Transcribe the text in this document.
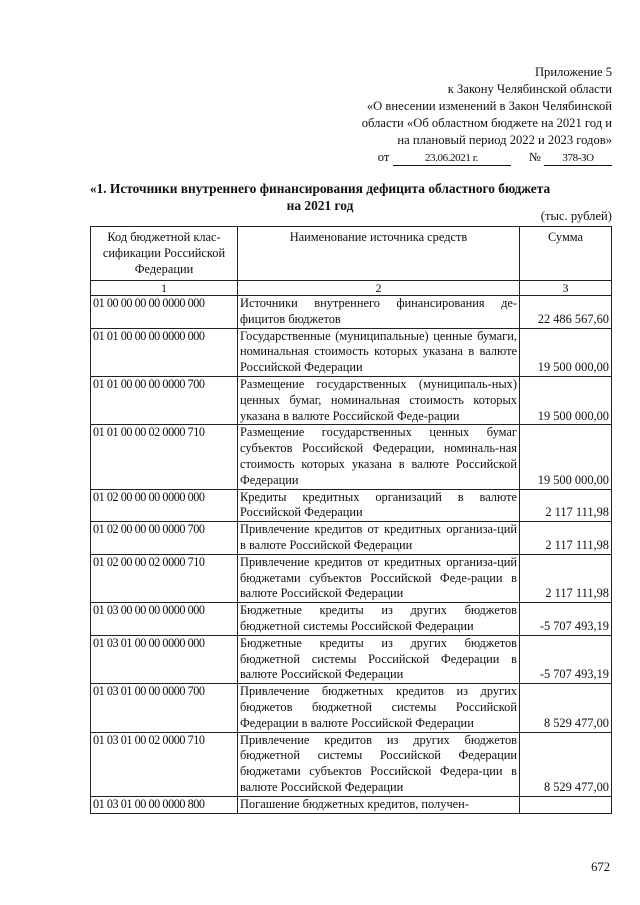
Приложение 5
к Закону Челябинской области
«О внесении изменений в Закон Челябинской
области «Об областном бюджете на 2021 год и
на плановый период 2022 и 2023 годов»
от	23.06.2021 г.	№ 378-ЗО
«1. Источники внутреннего финансирования дефицита областного бюджета
на 2021 год
(тыс. рублей)
Код бюджетной клас-сификации Российской Федерации	Наименование источника средств	Сумма
1	2	3
01 00 00 00 00 0000 000	Источники внутреннего финансирования де-фицитов бюджетов	22 486 567,60
01 01 00 00 00 0000 000	Государственные (муниципальные) ценные бумаги, номинальная стоимость которых указана в валюте Российской Федерации	19 500 000,00
01 01 00 00 00 0000 700	Размещение государственных (муниципаль-ных) ценных бумаг, номинальная стоимость которых указана в валюте Российской Феде-рации	19 500 000,00
01 01 00 00 02 0000 710	Размещение государственных ценных бумаг субъектов Российской Федерации, номиналь-ная стоимость которых указана в валюте Российской Федерации	19 500 000,00
01 02 00 00 00 0000 000	Кредиты кредитных организаций в валюте Российской Федерации	2 117 111,98
01 02 00 00 00 0000 700	Привлечение кредитов от кредитных организа-ций в валюте Российской Федерации	2 117 111,98
01 02 00 00 02 0000 710	Привлечение кредитов от кредитных организа-ций бюджетами субъектов Российской Феде-рации в валюте Российской Федерации	2 117 111,98
01 03 00 00 00 0000 000	Бюджетные кредиты из других бюджетов бюджетной системы Российской Федерации	-5 707 493,19
01 03 01 00 00 0000 000	Бюджетные кредиты из других бюджетов бюджетной системы Российской Федерации в валюте Российской Федерации	-5 707 493,19
01 03 01 00 00 0000 700	Привлечение бюджетных кредитов из других бюджетов бюджетной системы Российской Федерации в валюте Российской Федерации	8 529 477,00
01 03 01 00 02 0000 710	Привлечение кредитов из других бюджетов бюджетной системы Российской Федерации бюджетами субъектов Российской Федера-ции в валюте Российской Федерации	8 529 477,00
01 03 01 00 00 0000 800	Погашение бюджетных кредитов, получен-	
672
